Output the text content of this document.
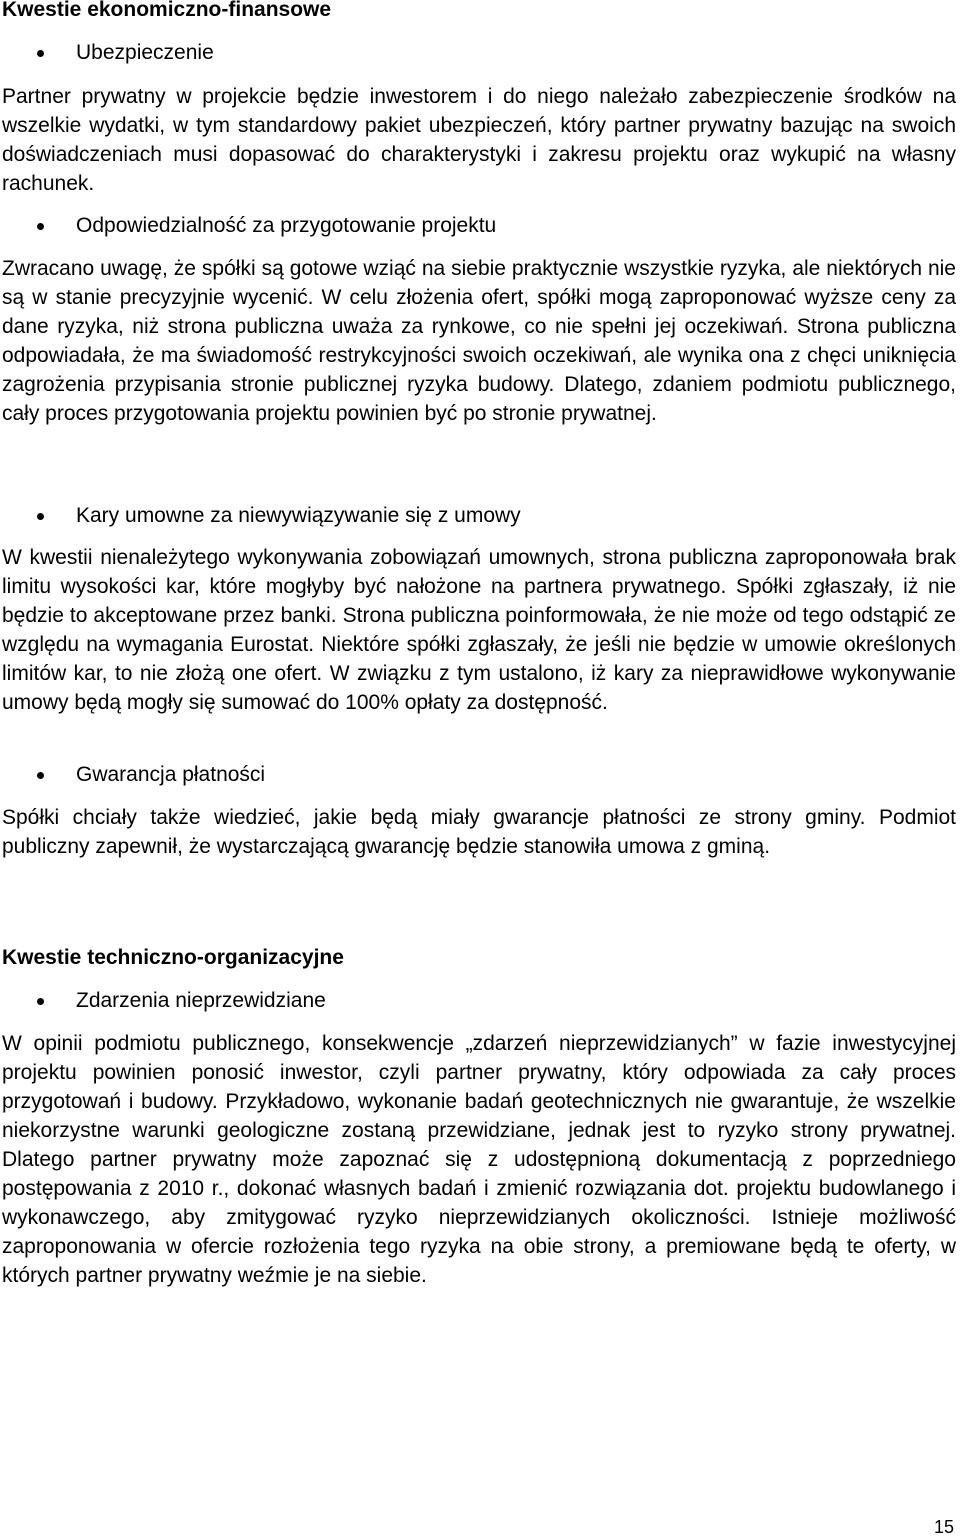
Kwestie ekonomiczno-finansowe
Ubezpieczenie

Partner prywatny w projekcie będzie inwestorem i do niego należało zabezpieczenie środków na wszelkie wydatki, w tym standardowy pakiet ubezpieczeń, który partner prywatny bazując na swoich doświadczeniach musi dopasować do charakterystyki i zakresu projektu oraz wykupić na własny rachunek.

Odpowiedzialność za przygotowanie projektu

Zwracano uwagę, że spółki są gotowe wziąć na siebie praktycznie wszystkie ryzyka, ale niektórych nie są w stanie precyzyjnie wycenić. W celu złożenia ofert, spółki mogą zaproponować wyższe ceny za dane ryzyka, niż strona publiczna uważa za rynkowe, co nie spełni jej oczekiwań. Strona publiczna odpowiadała, że ma świadomość restrykcyjności swoich oczekiwań, ale wynika ona z chęci uniknięcia zagrożenia przypisania stronie publicznej ryzyka budowy. Dlatego, zdaniem podmiotu publicznego, cały proces przygotowania projektu powinien być po stronie prywatnej.

Kary umowne za niewywiązywanie się z umowy

W kwestii nienależytego wykonywania zobowiązań umownych, strona publiczna zaproponowała brak limitu wysokości kar, które mogłyby być nałożone na partnera prywatnego. Spółki zgłaszały, iż nie będzie to akceptowane przez banki. Strona publiczna poinformowała, że nie może od tego odstąpić ze względu na wymagania Eurostat. Niektóre spółki zgłaszały, że jeśli nie będzie w umowie określonych limitów kar, to nie złożą one ofert. W związku z tym ustalono, iż kary za nieprawidłowe wykonywanie umowy będą mogły się sumować do 100% opłaty za dostępność.

Gwarancja płatności

Spółki chciały także wiedzieć, jakie będą miały gwarancje płatności ze strony gminy. Podmiot publiczny zapewnił, że wystarczającą gwarancję będzie stanowiła umowa z gminą.

Kwestie techniczno-organizacyjne
Zdarzenia nieprzewidziane

W opinii podmiotu publicznego, konsekwencje „zdarzeń nieprzewidzianych” w fazie inwestycyjnej projektu powinien ponosić inwestor, czyli partner prywatny, który odpowiada za cały proces przygotowań i budowy. Przykładowo, wykonanie badań geotechnicznych nie gwarantuje, że wszelkie niekorzystne warunki geologiczne zostaną przewidziane, jednak jest to ryzyko strony prywatnej. Dlatego partner prywatny może zapoznać się z udostępnioną dokumentacją z poprzedniego postępowania z 2010 r., dokonać własnych badań i zmienić rozwiązania dot. projektu budowlanego i wykonawczego, aby zmitygować ryzyko nieprzewidzianych okoliczności. Istnieje możliwość zaproponowania w ofercie rozłożenia tego ryzyka na obie strony, a premiowane będą te oferty, w których partner prywatny weźmie je na siebie.

15
